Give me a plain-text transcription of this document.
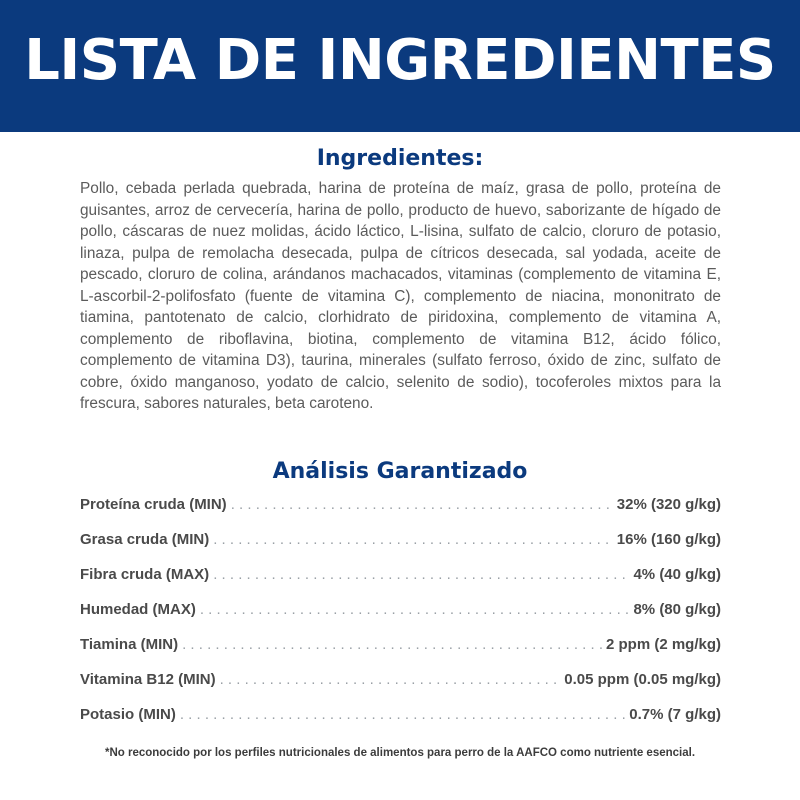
LISTA DE INGREDIENTES
Ingredientes:

Pollo, cebada perlada quebrada, harina de proteína de maíz, grasa de pollo, proteína de guisantes, arroz de cervecería, harina de pollo, producto de huevo, saborizante de hígado de pollo, cáscaras de nuez molidas, ácido láctico, L-lisina, sulfato de calcio, cloruro de potasio, linaza, pulpa de remolacha desecada, pulpa de cítricos desecada, sal yodada, aceite de pescado, cloruro de colina, arándanos machacados, vitaminas (complemento de vitamina E, L-ascorbil-2-polifosfato (fuente de vitamina C), complemento de niacina, mononitrato de tiamina, pantotenato de calcio, clorhidrato de piridoxina, complemento de vitamina A, complemento de riboflavina, biotina, complemento de vitamina B12, ácido fólico, complemento de vitamina D3), taurina, minerales (sulfato ferroso, óxido de zinc, sulfato de cobre, óxido manganoso, yodato de calcio, selenito de sodio), tocoferoles mixtos para la frescura, sabores naturales, beta caroteno.

Análisis Garantizado
Proteína cruda (MIN) . . .	32% (320 g/kg)
Grasa cruda (MIN) . . .	16% (160 g/kg)
Fibra cruda (MAX) . . .	4% (40 g/kg)
Humedad (MAX) . . .	8% (80 g/kg)
Tiamina (MIN) . . .	2 ppm (2 mg/kg)
Vitamina B12 (MIN) . . .	0.05 ppm (0.05 mg/kg)
Potasio (MIN) . . .	0.7% (7 g/kg)

*No reconocido por los perfiles nutricionales de alimentos para perro de la AAFCO como nutriente esencial.
